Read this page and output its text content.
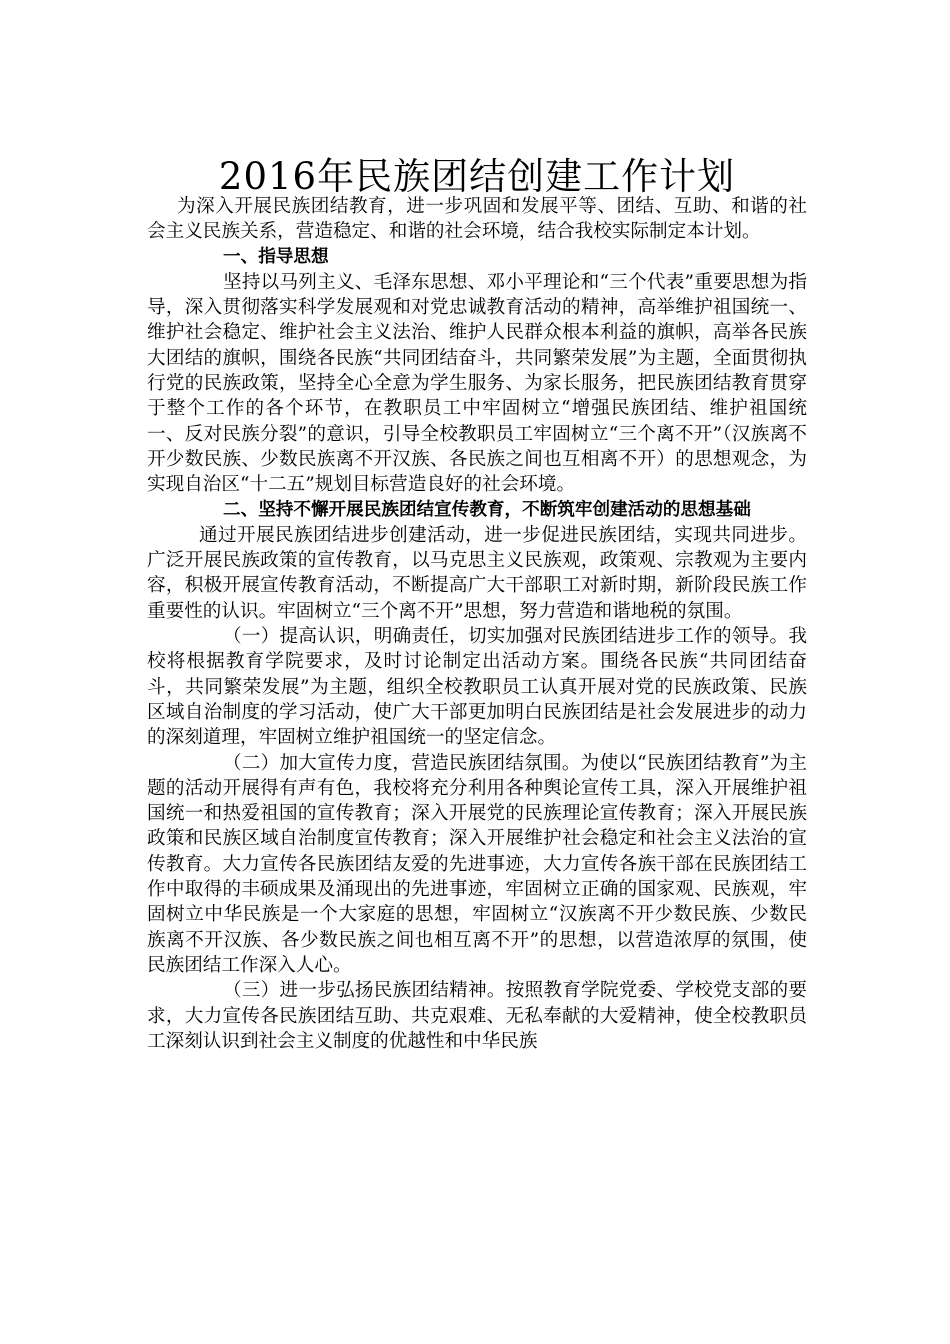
2016年民族团结创建工作计划

为深入开展民族团结教育，进一步巩固和发展平等、团结、互助、和谐的社会主义民族关系，营造稳定、和谐的社会环境，结合我校实际制定本计划。

一、指导思想

坚持以马列主义、毛泽东思想、邓小平理论和“三个代表”重要思想为指导，深入贯彻落实科学发展观和对党忠诚教育活动的精神，高举维护祖国统一、维护社会稳定、维护社会主义法治、维护人民群众根本利益的旗帜，高举各民族大团结的旗帜，围绕各民族“共同团结奋斗，共同繁荣发展”为主题，全面贯彻执行党的民族政策，坚持全心全意为学生服务、为家长服务，把民族团结教育贯穿于整个工作的各个环节，在教职员工中牢固树立“增强民族团结、维护祖国统一、反对民族分裂”的意识，引导全校教职员工牢固树立“三个离不开”（汉族离不开少数民族、少数民族离不开汉族、各民族之间也互相离不开）的思想观念，为实现自治区“十二五”规划目标营造良好的社会环境。

二、坚持不懈开展民族团结宣传教育，不断筑牢创建活动的思想基础

通过开展民族团结进步创建活动，进一步促进民族团结，实现共同进步。广泛开展民族政策的宣传教育，以马克思主义民族观，政策观、宗教观为主要内容，积极开展宣传教育活动，不断提高广大干部职工对新时期，新阶段民族工作重要性的认识。牢固树立“三个离不开”思想，努力营造和谐地税的氛围。

（一）提高认识，明确责任，切实加强对民族团结进步工作的领导。我校将根据教育学院要求，及时讨论制定出活动方案。围绕各民族“共同团结奋斗，共同繁荣发展”为主题，组织全校教职员工认真开展对党的民族政策、民族区域自治制度的学习活动，使广大干部更加明白民族团结是社会发展进步的动力的深刻道理，牢固树立维护祖国统一的坚定信念。

（二）加大宣传力度，营造民族团结氛围。为使以“民族团结教育”为主题的活动开展得有声有色，我校将充分利用各种舆论宣传工具，深入开展维护祖国统一和热爱祖国的宣传教育；深入开展党的民族理论宣传教育；深入开展民族政策和民族区域自治制度宣传教育；深入开展维护社会稳定和社会主义法治的宣传教育。大力宣传各民族团结友爱的先进事迹，大力宣传各族干部在民族团结工作中取得的丰硕成果及涌现出的先进事迹，牢固树立正确的国家观、民族观，牢固树立中华民族是一个大家庭的思想，牢固树立“汉族离不开少数民族、少数民族离不开汉族、各少数民族之间也相互离不开”的思想，以营造浓厚的氛围，使民族团结工作深入人心。

（三）进一步弘扬民族团结精神。按照教育学院党委、学校党支部的要求，大力宣传各民族团结互助、共克艰难、无私奉献的大爱精神，使全校教职员工深刻认识到社会主义制度的优越性和中华民族
